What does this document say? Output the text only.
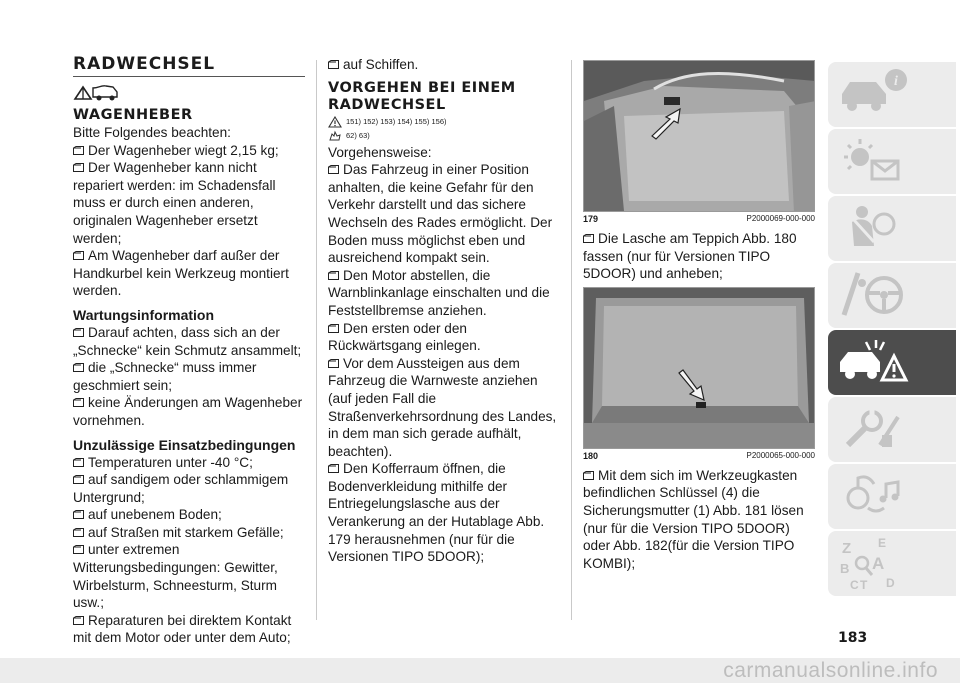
RADWECHSEL
WAGENHEBER
Bitte Folgendes beachten:
Der Wagenheber wiegt 2,15 kg;
Der Wagenheber kann nicht repariert werden: im Schadensfall muss er durch einen anderen, originalen Wagenheber ersetzt werden;
Am Wagenheber darf außer der Handkurbel kein Werkzeug montiert werden.
Wartungsinformation
Darauf achten, dass sich an der „Schnecke“ kein Schmutz ansammelt;
die „Schnecke“ muss immer geschmiert sein;
keine Änderungen am Wagenheber vornehmen.
Unzulässige Einsatzbedingungen
Temperaturen unter -40 °C;
auf sandigem oder schlammigem Untergrund;
auf unebenem Boden;
auf Straßen mit starkem Gefälle;
unter extremen Witterungsbedingungen: Gewitter, Wirbelsturm, Schneesturm, Sturm usw.;
Reparaturen bei direktem Kontakt mit dem Motor oder unter dem Auto;
auf Schiffen.
VORGEHEN BEI EINEM RADWECHSEL
151) 152) 153) 154) 155) 156)
62) 63)
Vorgehensweise:
Das Fahrzeug in einer Position anhalten, die keine Gefahr für den Verkehr darstellt und das sichere Wechseln des Rades ermöglicht. Der Boden muss möglichst eben und ausreichend kompakt sein.
Den Motor abstellen, die Warnblinkanlage einschalten und die Feststellbremse anziehen.
Den ersten oder den Rückwärtsgang einlegen.
Vor dem Aussteigen aus dem Fahrzeug die Warnweste anziehen (auf jeden Fall die Straßenverkehrsordnung des Landes, in dem man sich gerade aufhält, beachten).
Den Kofferraum öffnen, die Bodenverkleidung mithilfe der Entriegelungslasche aus der Verankerung an der Hutablage Abb. 179 herausnehmen (nur für die Versionen TIPO 5DOOR);
179	P2000069-000-000
Die Lasche am Teppich Abb. 180 fassen (nur für Versionen TIPO 5DOOR) und anheben;
180	P2000065-000-000
Mit dem sich im Werkzeugkasten befindlichen Schlüssel (4) die Sicherungsmutter (1) Abb. 181 lösen (nur für die Version TIPO 5DOOR) oder Abb. 182(für die Version TIPO KOMBI);
i
Z E
B A
C D
T
183
carmanualsonline.info
